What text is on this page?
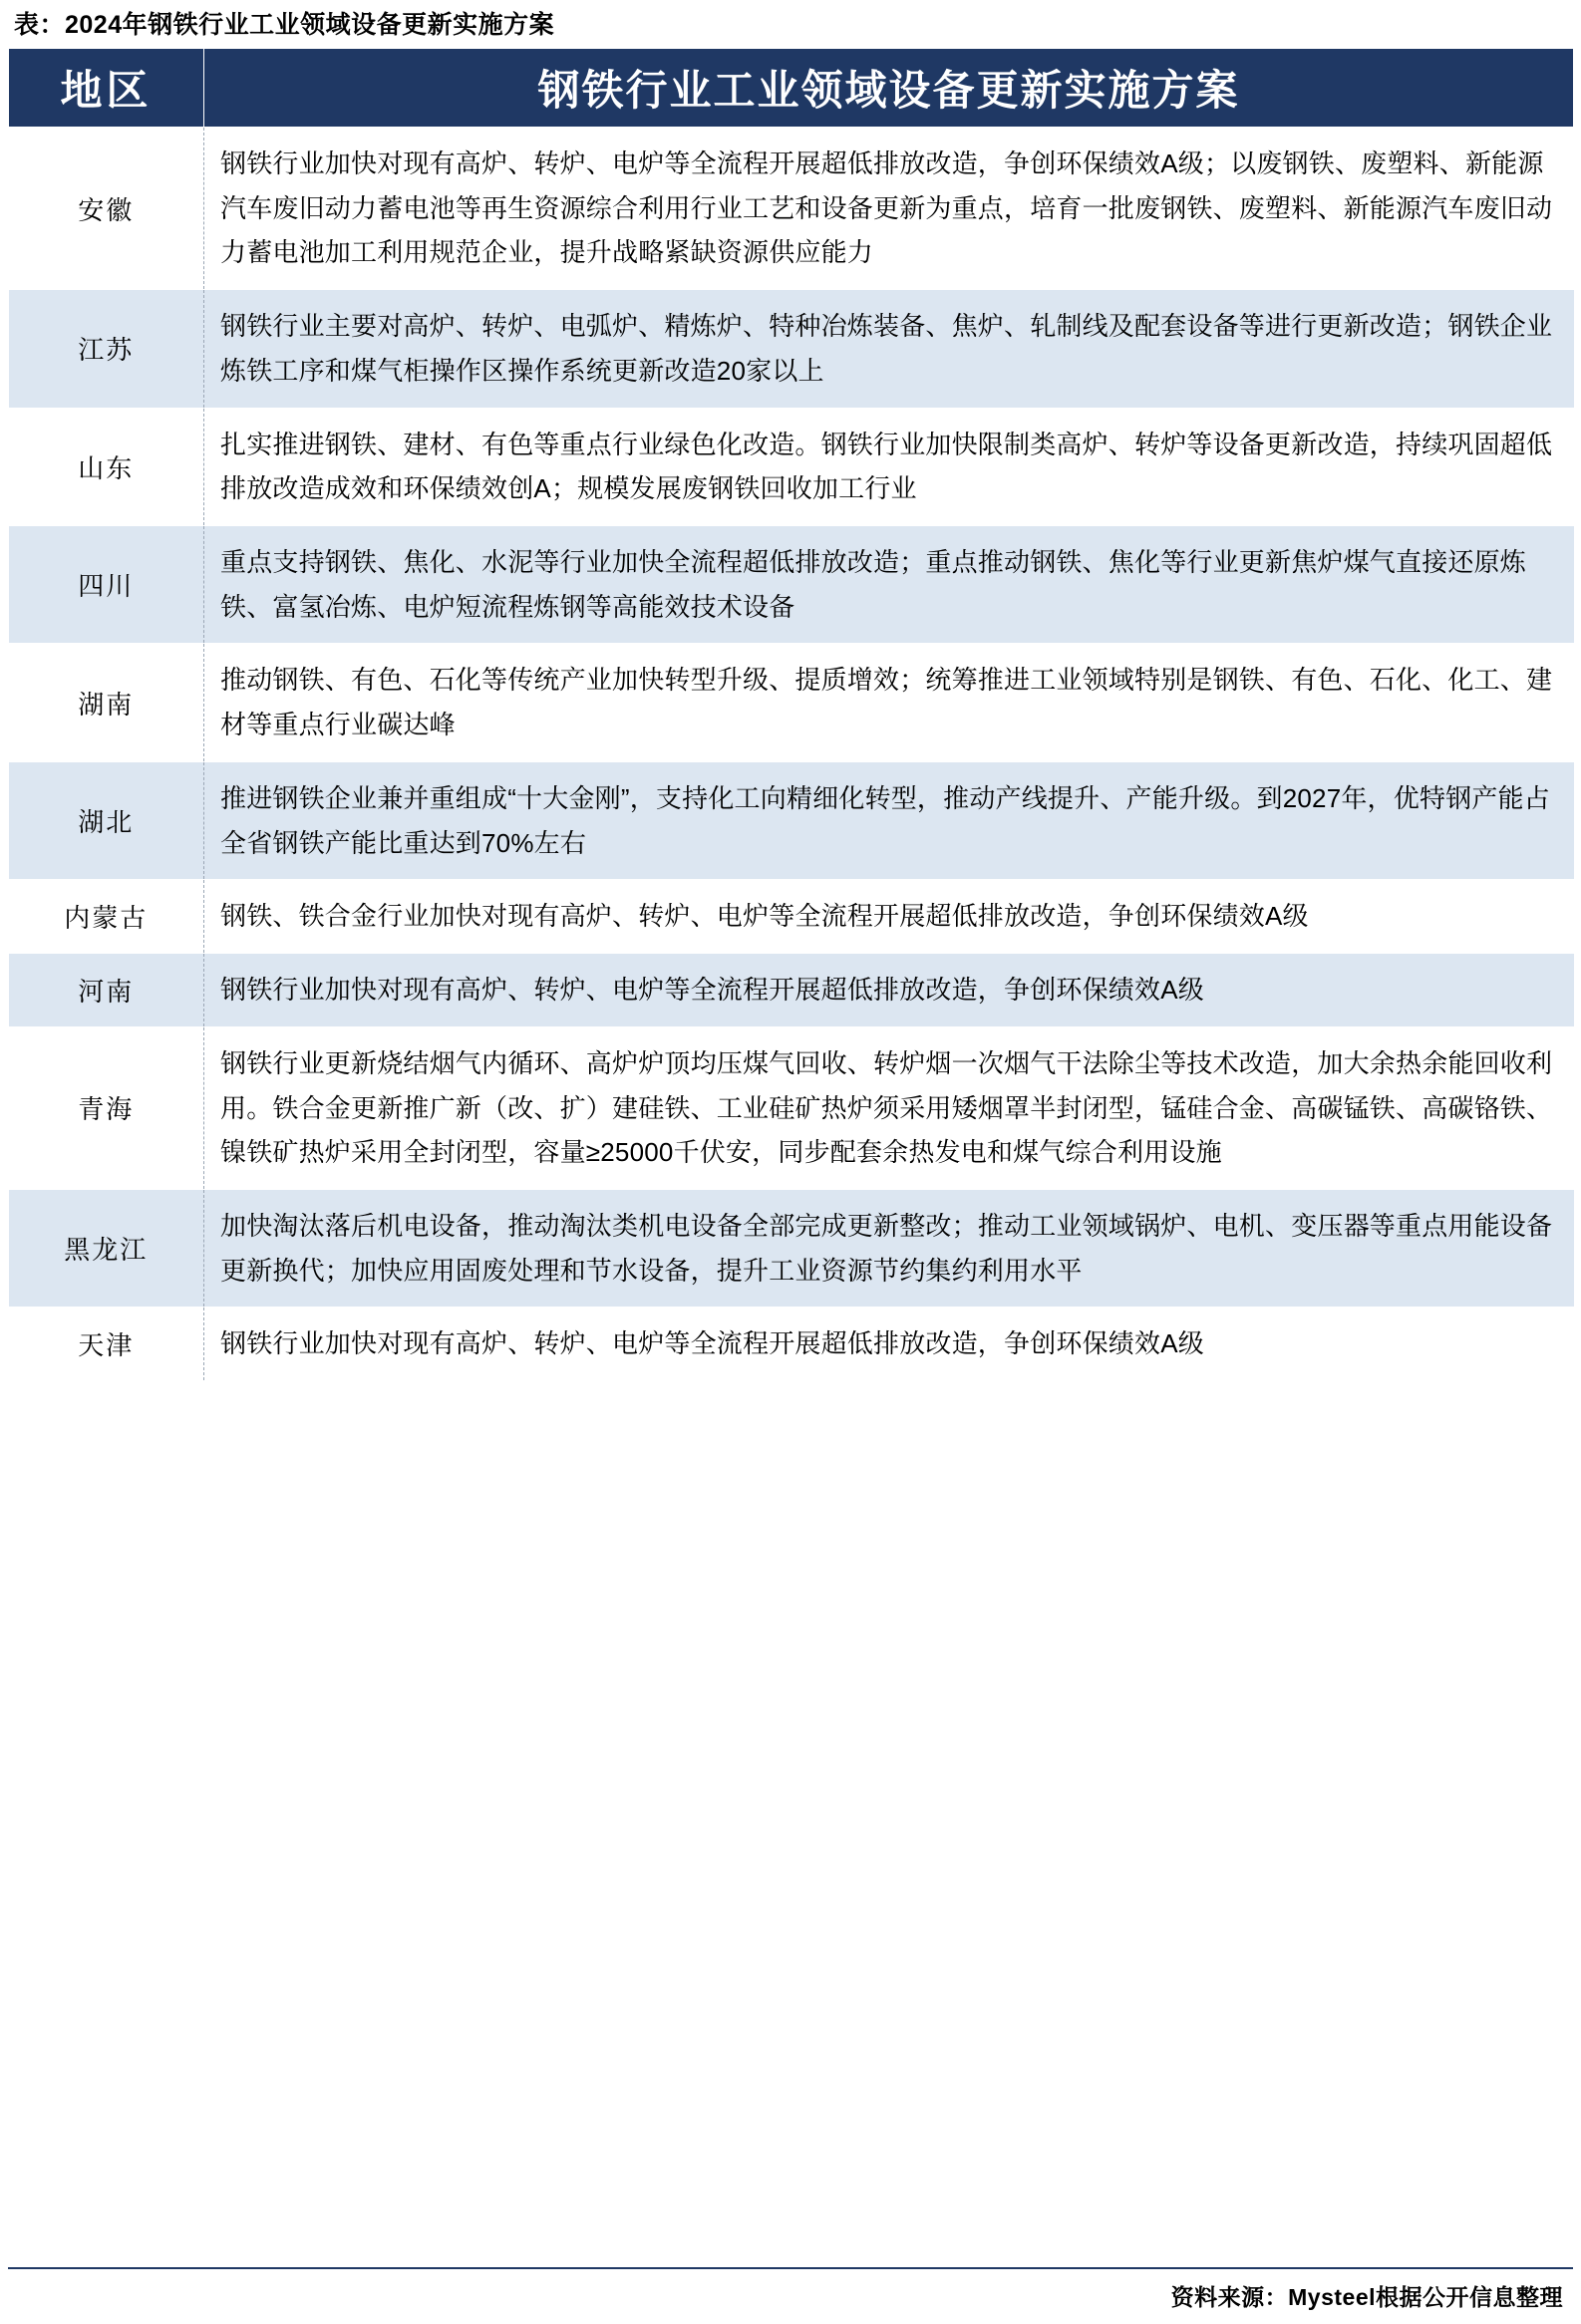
表：2024年钢铁行业工业领域设备更新实施方案
地区	钢铁行业工业领域设备更新实施方案
安徽	钢铁行业加快对现有高炉、转炉、电炉等全流程开展超低排放改造，争创环保绩效A级；以废钢铁、废塑料、新能源汽车废旧动力蓄电池等再生资源综合利用行业工艺和设备更新为重点，培育一批废钢铁、废塑料、新能源汽车废旧动力蓄电池加工利用规范企业，提升战略紧缺资源供应能力
江苏	钢铁行业主要对高炉、转炉、电弧炉、精炼炉、特种冶炼装备、焦炉、轧制线及配套设备等进行更新改造；钢铁企业炼铁工序和煤气柜操作区操作系统更新改造20家以上
山东	扎实推进钢铁、建材、有色等重点行业绿色化改造。钢铁行业加快限制类高炉、转炉等设备更新改造，持续巩固超低排放改造成效和环保绩效创A；规模发展废钢铁回收加工行业
四川	重点支持钢铁、焦化、水泥等行业加快全流程超低排放改造；重点推动钢铁、焦化等行业更新焦炉煤气直接还原炼铁、富氢冶炼、电炉短流程炼钢等高能效技术设备
湖南	推动钢铁、有色、石化等传统产业加快转型升级、提质增效；统筹推进工业领域特别是钢铁、有色、石化、化工、建材等重点行业碳达峰
湖北	推进钢铁企业兼并重组成“十大金刚”，支持化工向精细化转型，推动产线提升、产能升级。到2027年，优特钢产能占全省钢铁产能比重达到70%左右
内蒙古	钢铁、铁合金行业加快对现有高炉、转炉、电炉等全流程开展超低排放改造，争创环保绩效A级
河南	钢铁行业加快对现有高炉、转炉、电炉等全流程开展超低排放改造，争创环保绩效A级
青海	钢铁行业更新烧结烟气内循环、高炉炉顶均压煤气回收、转炉烟一次烟气干法除尘等技术改造，加大余热余能回收利用。铁合金更新推广新（改、扩）建硅铁、工业硅矿热炉须采用矮烟罩半封闭型，锰硅合金、高碳锰铁、高碳铬铁、镍铁矿热炉采用全封闭型，容量≥25000千伏安，同步配套余热发电和煤气综合利用设施
黑龙江	加快淘汰落后机电设备，推动淘汰类机电设备全部完成更新整改；推动工业领域锅炉、电机、变压器等重点用能设备更新换代；加快应用固废处理和节水设备，提升工业资源节约集约利用水平
天津	钢铁行业加快对现有高炉、转炉、电炉等全流程开展超低排放改造，争创环保绩效A级
资料来源：Mysteel根据公开信息整理
